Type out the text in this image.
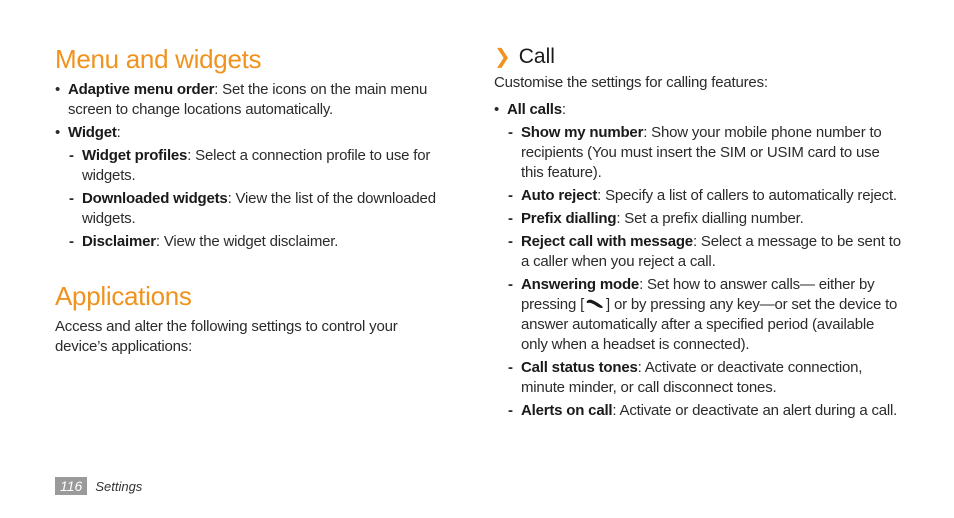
Menu and widgets
• Adaptive menu order: Set the icons on the main menu screen to change locations automatically.
• Widget:
- Widget profiles: Select a connection profile to use for widgets.
- Downloaded widgets: View the list of the downloaded widgets.
- Disclaimer: View the widget disclaimer.
Applications

Access and alter the following settings to control your device’s applications:

❯ Call

Customise the settings for calling features:

• All calls:
- Show my number: Show your mobile phone number to recipients (You must insert the SIM or USIM card to use this feature).
- Auto reject: Specify a list of callers to automatically reject.
- Prefix dialling: Set a prefix dialling number.
- Reject call with message: Select a message to be sent to a caller when you reject a call.
- Answering mode: Set how to answer calls— either by pressing [ ] or by pressing any key—or set the device to answer automatically after a specified period (available only when a headset is connected).
- Call status tones: Activate or deactivate connection, minute minder, or call disconnect tones.
- Alerts on call: Activate or deactivate an alert during a call.
116	Settings
